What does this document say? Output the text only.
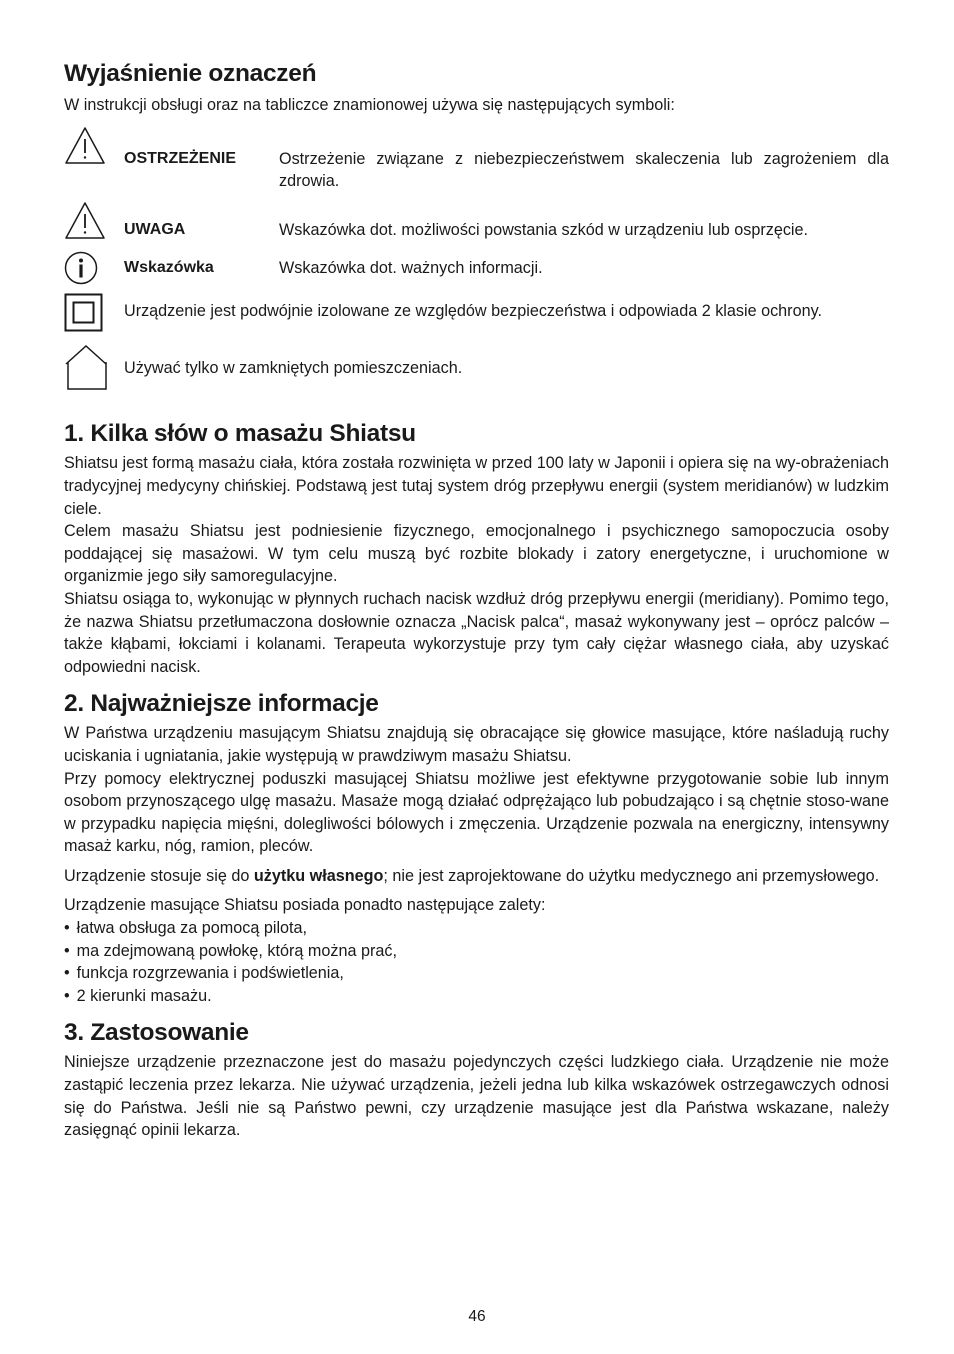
Wyjaśnienie oznaczeń

W instrukcji obsługi oraz na tabliczce znamionowej używa się następujących symboli:

OSTRZEŻENIE	Ostrzeżenie związane z niebezpieczeństwem skaleczenia lub zagrożeniem dla zdrowia.
UWAGA	Wskazówka dot. możliwości powstania szkód w urządzeniu lub osprzęcie.
Wskazówka	Wskazówka dot. ważnych informacji.
Urządzenie jest podwójnie izolowane ze względów bezpieczeństwa i odpowiada 2 klasie ochrony.
Używać tylko w zamkniętych pomieszczeniach.
1. Kilka słów o masażu Shiatsu

Shiatsu jest formą masażu ciała, która została rozwinięta w przed 100 laty w Japonii i opiera się na wy-obrażeniach tradycyjnej medycyny chińskiej. Podstawą jest tutaj system dróg przepływu energii (system meridianów) w ludzkim ciele.

Celem masażu Shiatsu jest podniesienie fizycznego, emocjonalnego i psychicznego samopoczucia osoby poddającej się masażowi. W tym celu muszą być rozbite blokady i zatory energetyczne, i uruchomione w organizmie jego siły samoregulacyjne.

Shiatsu osiąga to, wykonując w płynnych ruchach nacisk wzdłuż dróg przepływu energii (meridiany). Pomimo tego, że nazwa Shiatsu przetłumaczona dosłownie oznacza „Nacisk palca“, masaż wykonywany jest – oprócz palców – także kłąbami, łokciami i kolanami. Terapeuta wykorzystuje przy tym cały ciężar własnego ciała, aby uzyskać odpowiedni nacisk.

2. Najważniejsze informacje

W Państwa urządzeniu masującym Shiatsu znajdują się obracające się głowice masujące, które naśladują ruchy uciskania i ugniatania, jakie występują w prawdziwym masażu Shiatsu.

Przy pomocy elektrycznej poduszki masującej Shiatsu możliwe jest efektywne przygotowanie sobie lub innym osobom przynoszącego ulgę masażu. Masaże mogą działać odprężająco lub pobudzająco i są chętnie stoso-wane w przypadku napięcia mięśni, dolegliwości bólowych i zmęczenia. Urządzenie pozwala na energiczny, intensywny masaż karku, nóg, ramion, pleców.

Urządzenie stosuje się do użytku własnego; nie jest zaprojektowane do użytku medycznego ani przemysłowego.

Urządzenie masujące Shiatsu posiada ponadto następujące zalety:

• łatwa obsługa za pomocą pilota,
• ma zdejmowaną powłokę, którą można prać,
• funkcja rozgrzewania i podświetlenia,
• 2 kierunki masażu.
3. Zastosowanie

Niniejsze urządzenie przeznaczone jest do masażu pojedynczych części ludzkiego ciała. Urządzenie nie może zastąpić leczenia przez lekarza. Nie używać urządzenia, jeżeli jedna lub kilka wskazówek ostrzegawczych odnosi się do Państwa. Jeśli nie są Państwo pewni, czy urządzenie masujące jest dla Państwa wskazane, należy zasięgnąć opinii lekarza.

46
